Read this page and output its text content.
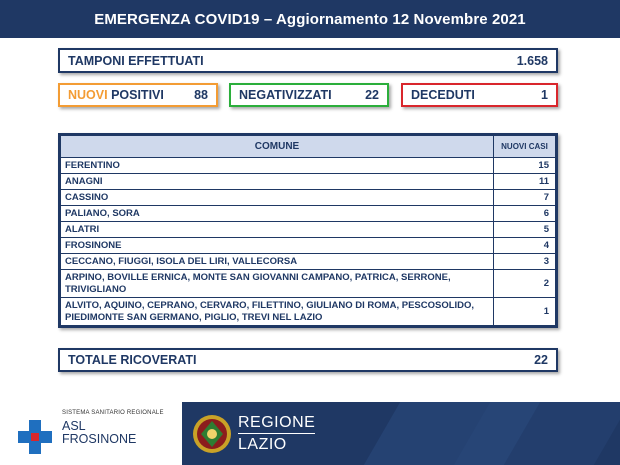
EMERGENZA COVID19 – Aggiornamento 12 Novembre 2021
TAMPONI EFFETTUATI	1.658
NUOVI POSITIVI 88 NEGATIVIZZATI	22	DECEDUTI	1
COMUNE	NUOVI CASI
FERENTINO	15
ANAGNI	11
CASSINO	7
PALIANO, SORA	6
ALATRI	5
FROSINONE	4
CECCANO, FIUGGI, ISOLA DEL LIRI, VALLECORSA	3
ARPINO, BOVILLE ERNICA, MONTE SAN GIOVANNI CAMPANO, PATRICA, SERRONE, TRIVIGLIANO	2
ALVITO, AQUINO, CEPRANO, CERVARO, FILETTINO, GIULIANO DI ROMA, PESCOSOLIDO, PIEDIMONTE SAN GERMANO, PIGLIO, TREVI NEL LAZIO	1
TOTALE RICOVERATI	22
SISTEMA SANITARIO REGIONALE
ASL
FROSINONE
REGIONE
LAZIO
